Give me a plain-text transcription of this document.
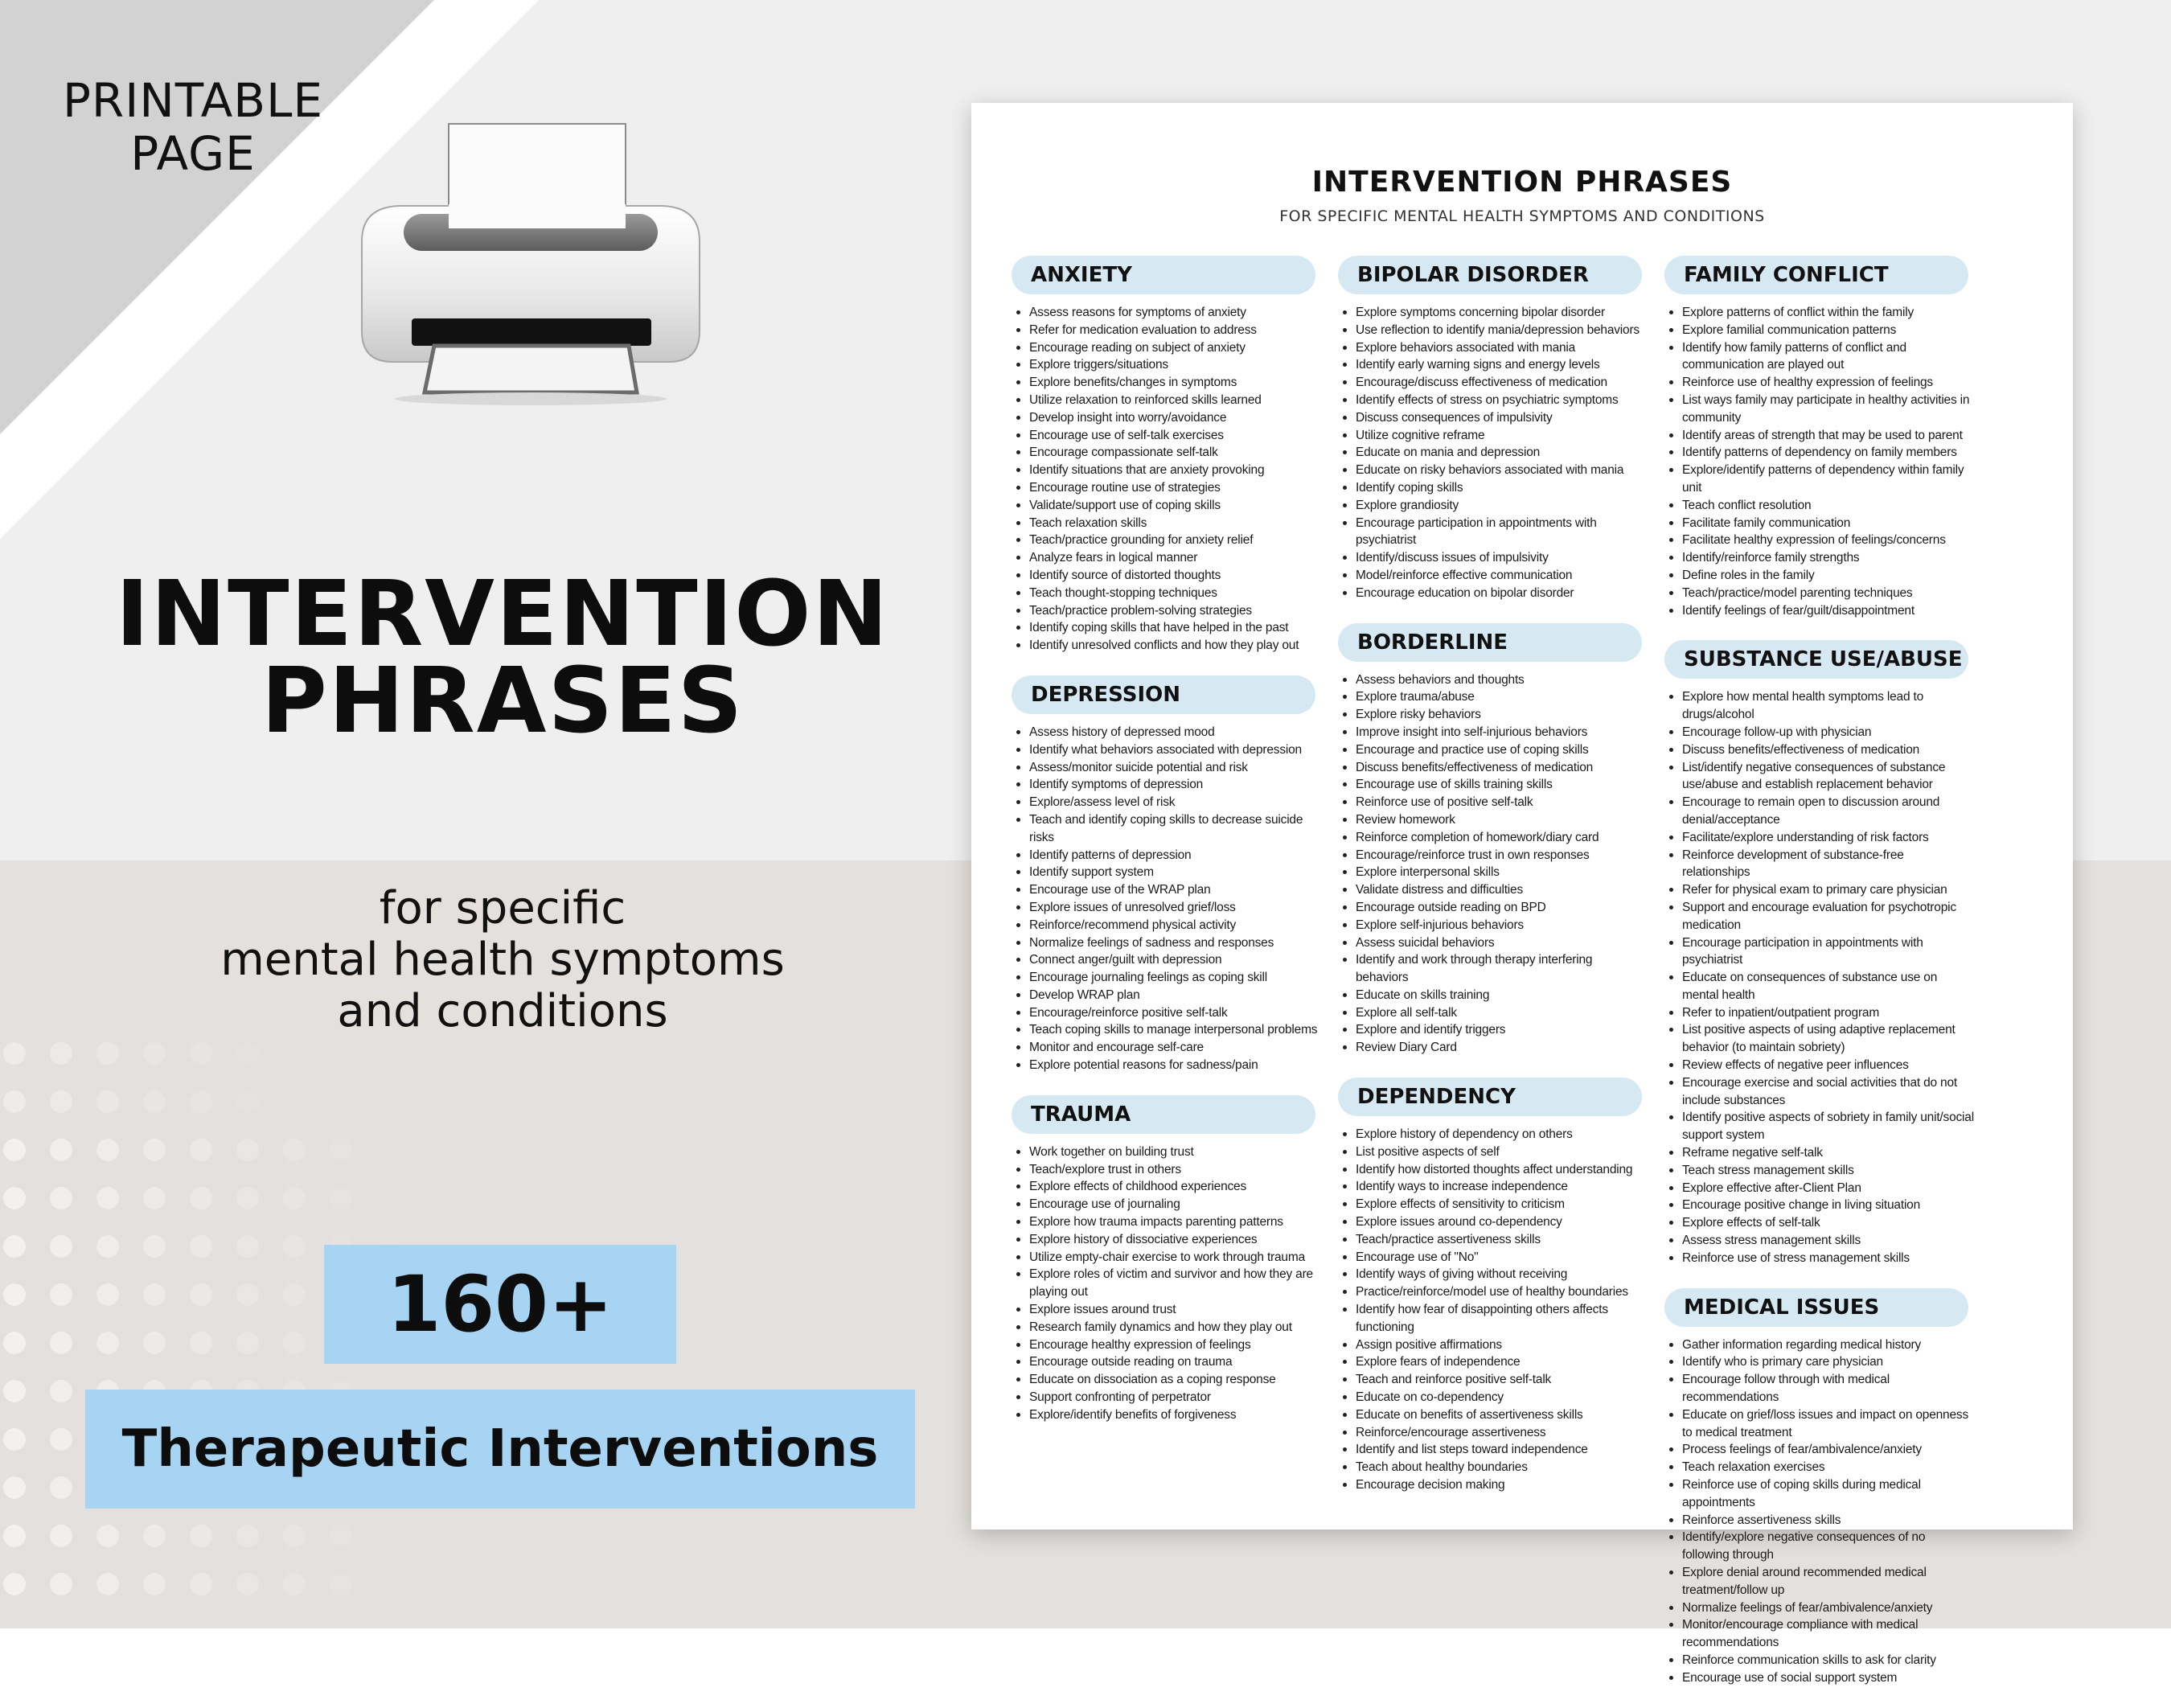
PRINTABLE
PAGE
INTERVENTION
PHRASES
for specific
mental health symptoms
and conditions
160+
Therapeutic Interventions
INTERVENTION PHRASES
FOR SPECIFIC MENTAL HEALTH SYMPTOMS AND CONDITIONS
ANXIETY
Assess reasons for symptoms of anxiety
Refer for medication evaluation to address
Encourage reading on subject of anxiety
Explore triggers/situations
Explore benefits/changes in symptoms
Utilize relaxation to reinforced skills learned
Develop insight into worry/avoidance
Encourage use of self-talk exercises
Encourage compassionate self-talk
Identify situations that are anxiety provoking
Encourage routine use of strategies
Validate/support use of coping skills
Teach relaxation skills
Teach/practice grounding for anxiety relief
Analyze fears in logical manner
Identify source of distorted thoughts
Teach thought-stopping techniques
Teach/practice problem-solving strategies
Identify coping skills that have helped in the past
Identify unresolved conflicts and how they play out
DEPRESSION
Assess history of depressed mood
Identify what behaviors associated with depression
Assess/monitor suicide potential and risk
Identify symptoms of depression
Explore/assess level of risk
Teach and identify coping skills to decrease suicide risks
Identify patterns of depression
Identify support system
Encourage use of the WRAP plan
Explore issues of unresolved grief/loss
Reinforce/recommend physical activity
Normalize feelings of sadness and responses
Connect anger/guilt with depression
Encourage journaling feelings as coping skill
Develop WRAP plan
Encourage/reinforce positive self-talk
Teach coping skills to manage interpersonal problems
Monitor and encourage self-care
Explore potential reasons for sadness/pain
TRAUMA
Work together on building trust
Teach/explore trust in others
Explore effects of childhood experiences
Encourage use of journaling
Explore how trauma impacts parenting patterns
Explore history of dissociative experiences
Utilize empty-chair exercise to work through trauma
Explore roles of victim and survivor and how they are playing out
Explore issues around trust
Research family dynamics and how they play out
Encourage healthy expression of feelings
Encourage outside reading on trauma
Educate on dissociation as a coping response
Support confronting of perpetrator
Explore/identify benefits of forgiveness
BIPOLAR DISORDER
Explore symptoms concerning bipolar disorder
Use reflection to identify mania/depression behaviors
Explore behaviors associated with mania
Identify early warning signs and energy levels
Encourage/discuss effectiveness of medication
Identify effects of stress on psychiatric symptoms
Discuss consequences of impulsivity
Utilize cognitive reframe
Educate on mania and depression
Educate on risky behaviors associated with mania
Identify coping skills
Explore grandiosity
Encourage participation in appointments with psychiatrist
Identify/discuss issues of impulsivity
Model/reinforce effective communication
Encourage education on bipolar disorder
BORDERLINE
Assess behaviors and thoughts
Explore trauma/abuse
Explore risky behaviors
Improve insight into self-injurious behaviors
Encourage and practice use of coping skills
Discuss benefits/effectiveness of medication
Encourage use of skills training skills
Reinforce use of positive self-talk
Review homework
Reinforce completion of homework/diary card
Encourage/reinforce trust in own responses
Explore interpersonal skills
Validate distress and difficulties
Encourage outside reading on BPD
Explore self-injurious behaviors
Assess suicidal behaviors
Identify and work through therapy interfering behaviors
Educate on skills training
Explore all self-talk
Explore and identify triggers
Review Diary Card
DEPENDENCY
Explore history of dependency on others
List positive aspects of self
Identify how distorted thoughts affect understanding
Identify ways to increase independence
Explore effects of sensitivity to criticism
Explore issues around co-dependency
Teach/practice assertiveness skills
Encourage use of "No"
Identify ways of giving without receiving
Practice/reinforce/model use of healthy boundaries
Identify how fear of disappointing others affects functioning
Assign positive affirmations
Explore fears of independence
Teach and reinforce positive self-talk
Educate on co-dependency
Educate on benefits of assertiveness skills
Reinforce/encourage assertiveness
Identify and list steps toward independence
Teach about healthy boundaries
Encourage decision making
FAMILY CONFLICT
Explore patterns of conflict within the family
Explore familial communication patterns
Identify how family patterns of conflict and communication are played out
Reinforce use of healthy expression of feelings
List ways family may participate in healthy activities in community
Identify areas of strength that may be used to parent
Identify patterns of dependency on family members
Explore/identify patterns of dependency within family unit
Teach conflict resolution
Facilitate family communication
Facilitate healthy expression of feelings/concerns
Identify/reinforce family strengths
Define roles in the family
Teach/practice/model parenting techniques
Identify feelings of fear/guilt/disappointment
SUBSTANCE USE/ABUSE
Explore how mental health symptoms lead to drugs/alcohol
Encourage follow-up with physician
Discuss benefits/effectiveness of medication
List/identify negative consequences of substance use/abuse and establish replacement behavior
Encourage to remain open to discussion around denial/acceptance
Facilitate/explore understanding of risk factors
Reinforce development of substance-free relationships
Refer for physical exam to primary care physician
Support and encourage evaluation for psychotropic medication
Encourage participation in appointments with psychiatrist
Educate on consequences of substance use on mental health
Refer to inpatient/outpatient program
List positive aspects of using adaptive replacement behavior (to maintain sobriety)
Review effects of negative peer influences
Encourage exercise and social activities that do not include substances
Identify positive aspects of sobriety in family unit/social support system
Reframe negative self-talk
Teach stress management skills
Explore effective after-Client Plan
Encourage positive change in living situation
Explore effects of self-talk
Assess stress management skills
Reinforce use of stress management skills
MEDICAL ISSUES
Gather information regarding medical history
Identify who is primary care physician
Encourage follow through with medical recommendations
Educate on grief/loss issues and impact on openness to medical treatment
Process feelings of fear/ambivalence/anxiety
Teach relaxation exercises
Reinforce use of coping skills during medical appointments
Reinforce assertiveness skills
Identify/explore negative consequences of no following through
Explore denial around recommended medical treatment/follow up
Normalize feelings of fear/ambivalence/anxiety
Monitor/encourage compliance with medical recommendations
Reinforce communication skills to ask for clarity
Encourage use of social support system
